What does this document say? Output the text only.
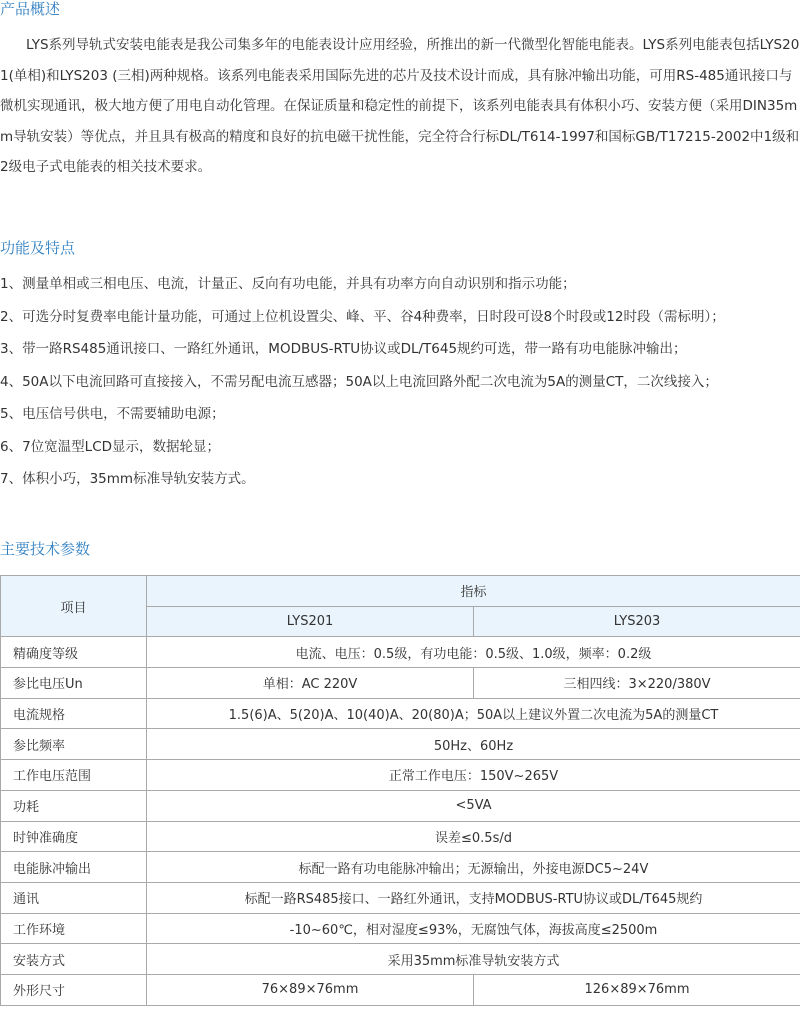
产品概述

LYS系列导轨式安装电能表是我公司集多年的电能表设计应用经验，所推出的新一代微型化智能电能表。LYS系列电能表包括LYS201(单相)和LYS203 (三相)两种规格。该系列电能表采用国际先进的芯片及技术设计而成，具有脉冲输出功能，可用RS-485通讯接口与微机实现通讯，极大地方便了用电自动化管理。在保证质量和稳定性的前提下，该系列电能表具有体积小巧、安装方便（采用DIN35mm导轨安装）等优点，并且具有极高的精度和良好的抗电磁干扰性能，完全符合行标DL/T614-1997和国标GB/T17215-2002中1级和2级电子式电能表的相关技术要求。

功能及特点
1、测量单相或三相电压、电流，计量正、反向有功电能，并具有功率方向自动识别和指示功能；
2、可选分时复费率电能计量功能，可通过上位机设置尖、峰、平、谷4种费率，日时段可设8个时段或12时段（需标明）；
3、带一路RS485通讯接口、一路红外通讯，MODBUS-RTU协议或DL/T645规约可选，带一路有功电能脉冲输出；
4、50A以下电流回路可直接接入，不需另配电流互感器；50A以上电流回路外配二次电流为5A的测量CT，二次线接入；
5、电压信号供电，不需要辅助电源；
6、7位宽温型LCD显示，数据轮显；
7、体积小巧，35mm标准导轨安装方式。
主要技术参数
项目	指标	
	LYS201	LYS203
精确度等级	电流、电压：0.5级，有功电能：0.5级、1.0级，频率：0.2级	
参比电压Un	单相：AC 220V	三相四线：3×220/380V
电流规格	1.5(6)A、5(20)A、10(40)A、20(80)A；50A以上建议外置二次电流为5A的测量CT	
参比频率	50Hz、60Hz	
工作电压范围	正常工作电压：150V~265V	
功耗	<5VA	
时钟准确度	误差≤0.5s/d	
电能脉冲输出	标配一路有功电能脉冲输出；无源输出，外接电源DC5~24V	
通讯	标配一路RS485接口、一路红外通讯，支持MODBUS-RTU协议或DL/T645规约	
工作环境	-10~60℃，相对湿度≤93%，无腐蚀气体，海拔高度≤2500m	
安装方式	采用35mm标准导轨安装方式	
外形尺寸	76×89×76mm	126×89×76mm
